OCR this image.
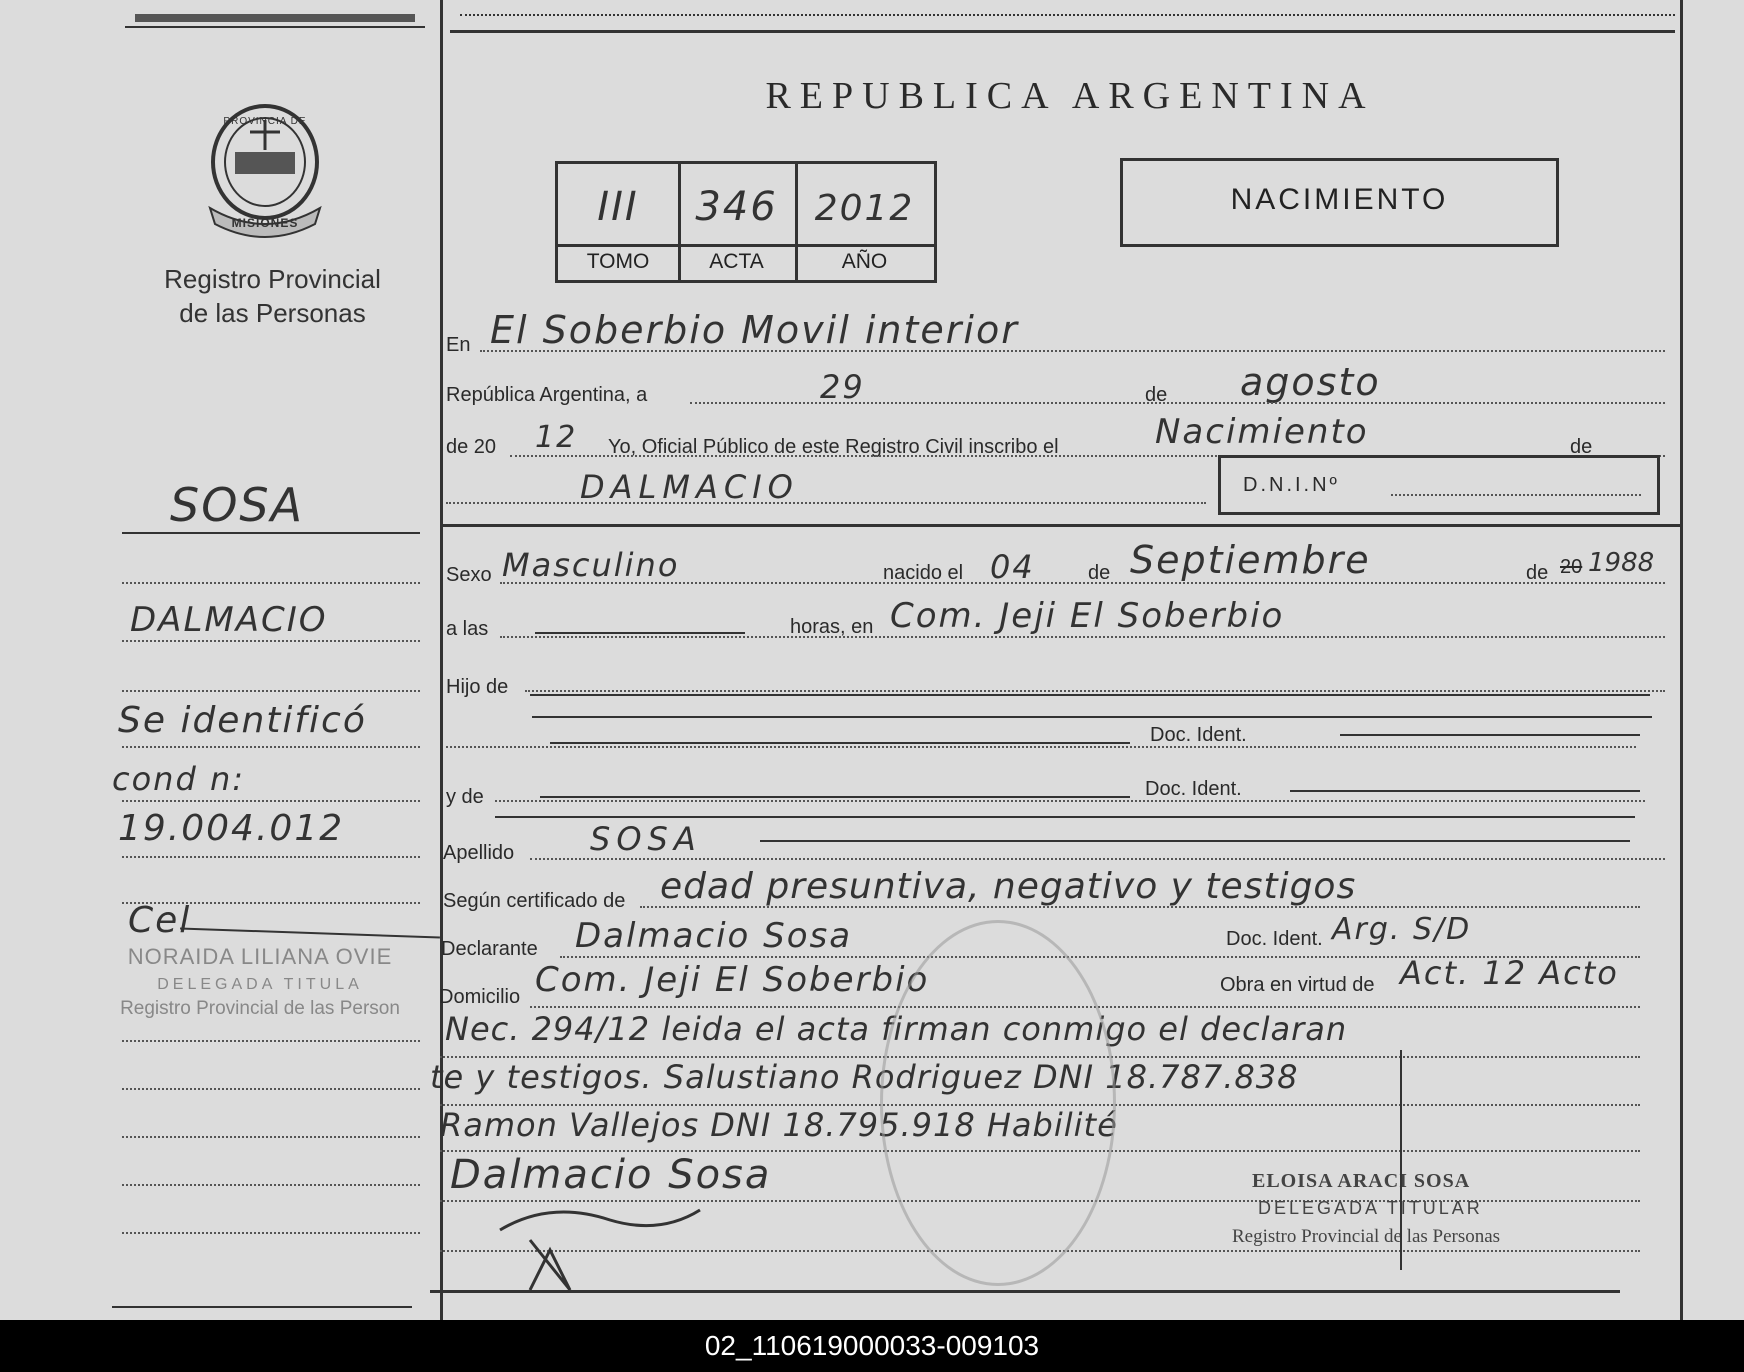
PROVINCIA DE
MISIONES
Registro Provincial
de las Personas
SOSA
DALMACIO
Se identificó
cond n:
19.004.012
Cel
NORAIDA LILIANA OVIE
DELEGADA TITULA
Registro Provincial de las Person
REPUBLICA ARGENTINA
III	346	2012
TOMO	ACTA	AÑO
NACIMIENTO
En El Soberbio Movil interior
República Argentina, a	29	de agosto
de 20 12 Yo, Oficial Público de este Registro Civil inscribo el	Nacimiento	de
DALMACIO	D.N.I.Nº
Sexo Masculino	nacido el 04	de Septiembre	de 20 1988
a las	horas, en Com. Jeji El Soberbio
Hijo de
Doc. Ident.
y de	Doc. Ident.
Apellido SOSA
Según certificado de edad presuntiva, negativo y testigos
Declarante Dalmacio Sosa	Doc. Ident. Arg. S/D
Domicilio Com. Jeji El Soberbio	Obra en virtud de Act. 12 Acto
Nec. 294/12 leida el acta firman conmigo el declaran
te y testigos. Salustiano Rodriguez DNI 18.787.838
Ramon Vallejos DNI 18.795.918 Habilité
Dalmacio Sosa	ELOISA ARACI SOSA
DELEGADA TITULAR
Registro Provincial de las Personas
02_110619000033-009103
